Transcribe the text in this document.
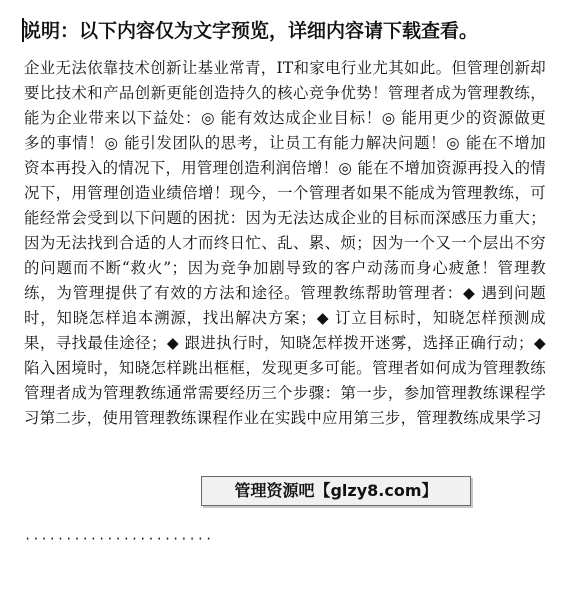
说明：以下内容仅为文字预览，详细内容请下载查看。
企业无法依靠技术创新让基业常青，IT和家电行业尤其如此。但管理创新却要比技术和产品创新更能创造持久的核心竞争优势！管理者成为管理教练，能为企业带来以下益处：◎ 能有效达成企业目标！◎ 能用更少的资源做更多的事情！◎ 能引发团队的思考，让员工有能力解决问题！◎ 能在不增加资本再投入的情况下，用管理创造利润倍增！◎ 能在不增加资源再投入的情况下，用管理创造业绩倍增！现今，一个管理者如果不能成为管理教练，可能经常会受到以下问题的困扰：因为无法达成企业的目标而深感压力重大；因为无法找到合适的人才而终日忙、乱、累、烦；因为一个又一个层出不穷的问题而不断“救火”；因为竞争加剧导致的客户动荡而身心疲惫！管理教练，为管理提供了有效的方法和途径。管理教练帮助管理者：◆ 遇到问题时，知晓怎样追本溯源，找出解决方案；◆ 订立目标时，知晓怎样预测成果，寻找最佳途径；◆ 跟进执行时，知晓怎样拨开迷雾，选择正确行动；◆ 陷入困境时，知晓怎样跳出框框，发现更多可能。管理者如何成为管理教练管理者成为管理教练通常需要经历三个步骤：第一步，参加管理教练课程学习第二步，使用管理教练课程作业在实践中应用第三步，管理教练成果学习
·······················
管理资源吧【glzy8.com】
